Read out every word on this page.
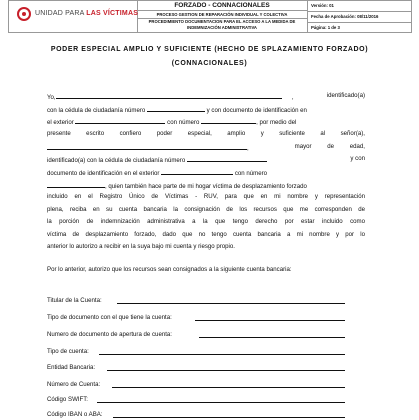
UNIDAD PARA LAS VÍCTIMAS
FORZADO - CONNACIONALES
PROCESO GESTION DE REPARACIÓN INDIVIDUAL Y COLECTIVA
PROCEDIMIENTO DOCUMENTACION PARA EL ACCESO A LA MEDIDA DE INDEMNIZACIÓN ADMINISTRATIVA
Versión: 01
Fecha de Aprobación: 08/11/2016
Página: 1 de 3
PODER ESPECIAL AMPLIO Y SUFICIENTE (HECHO DE SPLAZAMIENTO FORZADO)
(CONNACIONALES)
Yo,	,	identificado(a)
con la cédula de ciudadanía número	y con documento de identificación en
el exterior	con número	, por medio del
presente escrito confiero poder especial, amplio y suficiente al señor(a),
,	mayor de edad,
identificado(a) con la cédula de ciudadanía número	y con
documento de identificación en el exterior	con número
, quien también hace parte de mi hogar víctima de desplazamiento forzado
incluido en el Registro Único de Víctimas - RUV, para que en mi nombre y representación
plena, reciba en su cuenta bancaria la consignación de los recursos que me corresponden de
la porción de indemnización administrativa a la que tengo derecho por estar incluido como
víctima de desplazamiento forzado, dado que no tengo cuenta bancaria a mi nombre y por lo
anterior lo autorizo a recibir en la suya bajo mi cuenta y riesgo propio.
Por lo anterior, autorizo que los recursos sean consignados a la siguiente cuenta bancaria:
Titular de la Cuenta:
Tipo de documento con el que tiene la cuenta:
Numero de documento de apertura de cuenta:
Tipo de cuenta:
Entidad Bancaria:
Número de Cuenta:
Código SWIFT:
Código IBAN o ABA:
